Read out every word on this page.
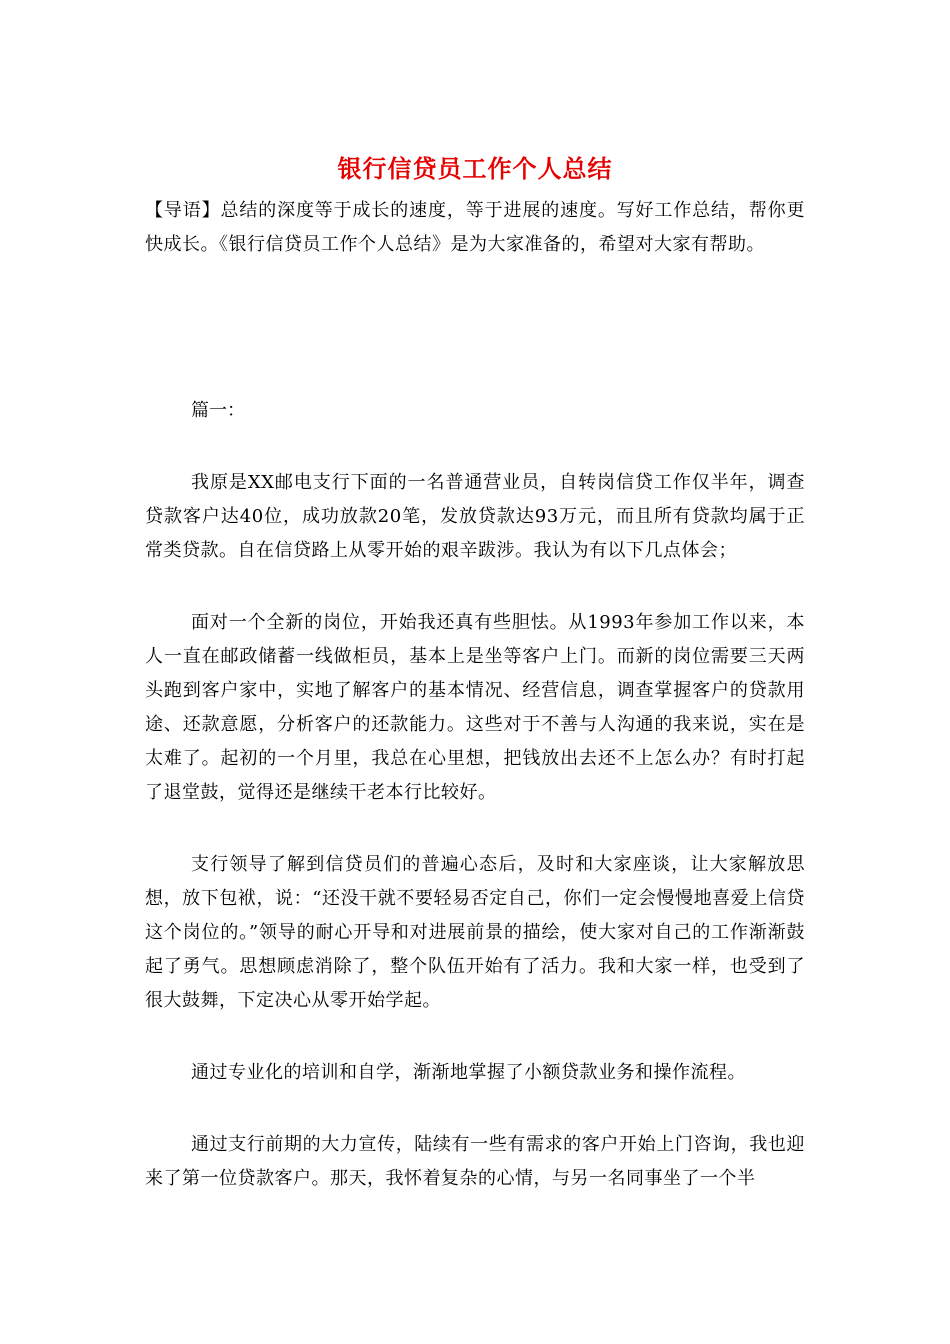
银行信贷员工作个人总结

【导语】总结的深度等于成长的速度，等于进展的速度。写好工作总结，帮你更快成长。《银行信贷员工作个人总结》是为大家准备的，希望对大家有帮助。

篇一：

我原是XX邮电支行下面的一名普通营业员，自转岗信贷工作仅半年，调查贷款客户达40位，成功放款20笔，发放贷款达93万元，而且所有贷款均属于正常类贷款。自在信贷路上从零开始的艰辛跋涉。我认为有以下几点体会；

面对一个全新的岗位，开始我还真有些胆怯。从1993年参加工作以来，本人一直在邮政储蓄一线做柜员，基本上是坐等客户上门。而新的岗位需要三天两头跑到客户家中，实地了解客户的基本情况、经营信息，调查掌握客户的贷款用途、还款意愿，分析客户的还款能力。这些对于不善与人沟通的我来说，实在是太难了。起初的一个月里，我总在心里想，把钱放出去还不上怎么办？有时打起了退堂鼓，觉得还是继续干老本行比较好。

支行领导了解到信贷员们的普遍心态后，及时和大家座谈，让大家解放思想，放下包袱，说：“还没干就不要轻易否定自己，你们一定会慢慢地喜爱上信贷这个岗位的。”领导的耐心开导和对进展前景的描绘，使大家对自己的工作渐渐鼓起了勇气。思想顾虑消除了，整个队伍开始有了活力。我和大家一样，也受到了很大鼓舞，下定决心从零开始学起。

通过专业化的培训和自学，渐渐地掌握了小额贷款业务和操作流程。

通过支行前期的大力宣传，陆续有一些有需求的客户开始上门咨询，我也迎来了第一位贷款客户。那天，我怀着复杂的心情，与另一名同事坐了一个半
